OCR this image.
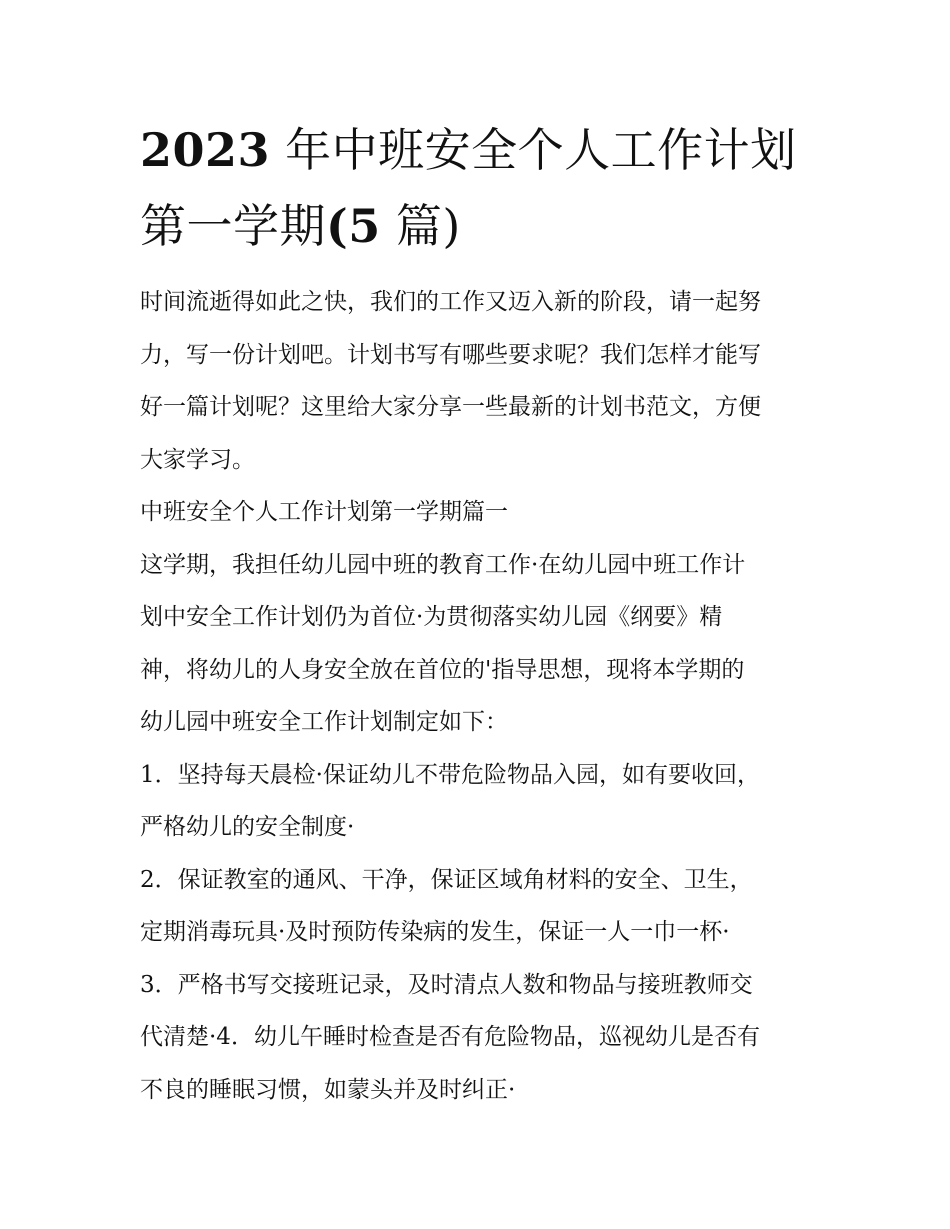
2023 年中班安全个人工作计划
第一学期(5 篇)
时间流逝得如此之快，我们的工作又迈入新的阶段，请一起努
力，写一份计划吧。计划书写有哪些要求呢？我们怎样才能写
好一篇计划呢？这里给大家分享一些最新的计划书范文，方便
大家学习。
中班安全个人工作计划第一学期篇一
这学期，我担任幼儿园中班的教育工作·在幼儿园中班工作计
划中安全工作计划仍为首位·为贯彻落实幼儿园《纲要》精
神，将幼儿的人身安全放在首位的'指导思想，现将本学期的
幼儿园中班安全工作计划制定如下：
1．坚持每天晨检·保证幼儿不带危险物品入园，如有要收回，
严格幼儿的安全制度·
2．保证教室的通风、干净，保证区域角材料的安全、卫生，
定期消毒玩具·及时预防传染病的发生，保证一人一巾一杯·
3．严格书写交接班记录，及时清点人数和物品与接班教师交
代清楚·4．幼儿午睡时检查是否有危险物品，巡视幼儿是否有
不良的睡眠习惯，如蒙头并及时纠正·
